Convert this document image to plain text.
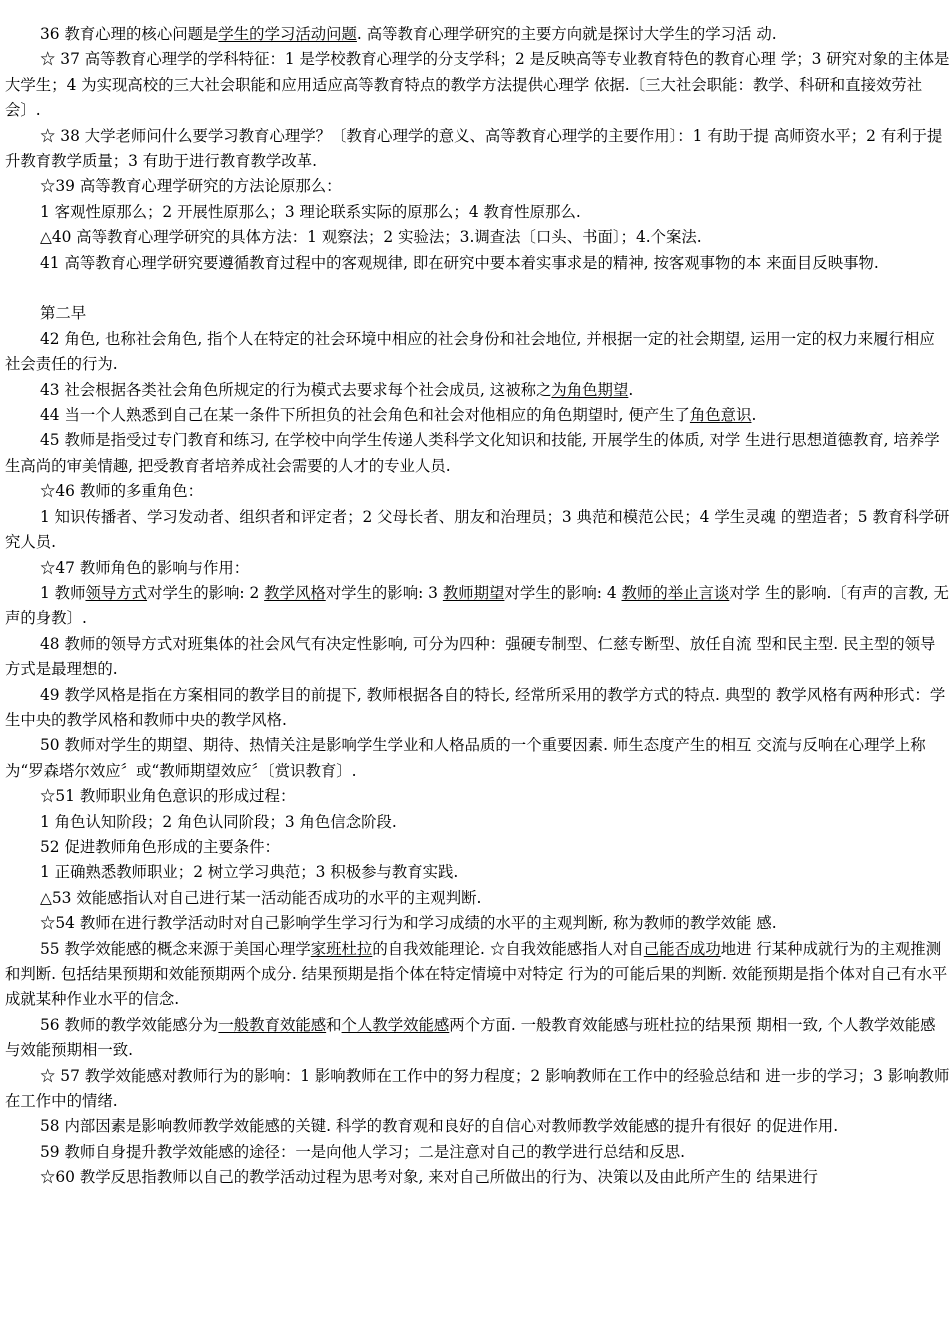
36 教育心理的核心问题是学生的学习活动问题. 高等教育心理学研究的主要方向就是探讨大学生的学习活 动.

☆ 37 高等教育心理学的学科特征：1 是学校教育心理学的分支学科；2 是反映高等专业教育特色的教育心理 学；3 研究对象的主体是大学生；4 为实现高校的三大社会职能和应用适应高等教育特点的教学方法提供心理学 依据.〔三大社会职能：教学、科研和直接效劳社会〕.

☆ 38 大学老师问什么要学习教育心理学？〔教育心理学的意义、高等教育心理学的主要作用〕：1 有助于提 高师资水平；2 有利于提升教育教学质量；3 有助于进行教育教学改革.

☆39 高等教育心理学研究的方法论原那么：

1 客观性原那么；2 开展性原那么；3 理论联系实际的原那么；4 教育性原那么.

△40 高等教育心理学研究的具体方法：1 观察法；2 实验法；3.调查法〔口头、书面〕；4.个案法.

41 高等教育心理学研究要遵循教育过程中的客观规律, 即在研究中要本着实事求是的精神, 按客观事物的本 来面目反映事物.

第二早

42 角色, 也称社会角色, 指个人在特定的社会环境中相应的社会身份和社会地位, 并根据一定的社会期望, 运用一定的权力来履行相应社会责任的行为.

43 社会根据各类社会角色所规定的行为模式去要求每个社会成员, 这被称之为角色期望.

44 当一个人熟悉到自己在某一条件下所担负的社会角色和社会对他相应的角色期望时, 便产生了角色意识.

45 教师是指受过专门教育和练习, 在学校中向学生传递人类科学文化知识和技能, 开展学生的体质, 对学 生进行思想道德教育, 培养学生高尚的审美情趣, 把受教育者培养成社会需要的人才的专业人员.

☆46 教师的多重角色：

1 知识传播者、学习发动者、组织者和评定者；2 父母长者、朋友和治理员；3 典范和模范公民；4 学生灵魂 的塑造者；5 教育科学研究人员.

☆47 教师角色的影响与作用：

1 教师领导方式对学生的影响: 2 教学风格对学生的影响: 3 教师期望对学生的影响: 4 教师的举止言谈对学 生的影响.〔有声的言教, 无声的身教〕.

48 教师的领导方式对班集体的社会风气有决定性影响, 可分为四种：强硬专制型、仁慈专断型、放任自流 型和民主型. 民主型的领导方式是最理想的.

49 教学风格是指在方案相同的教学目的前提下, 教师根据各自的特长, 经常所采用的教学方式的特点. 典型的 教学风格有两种形式：学生中央的教学风格和教师中央的教学风格.

50 教师对学生的期望、期待、热情关注是影响学生学业和人格品质的一个重要因素. 师生态度产生的相互 交流与反响在心理学上称为“罗森塔尔效应〞或“教师期望效应〞〔赏识教育〕.

☆51 教师职业角色意识的形成过程：

1 角色认知阶段；2 角色认同阶段；3 角色信念阶段.

52 促进教师角色形成的主要条件：

1 正确熟悉教师职业；2 树立学习典范；3 积极参与教育实践.

△53 效能感指认对自己进行某一活动能否成功的水平的主观判断.

☆54 教师在进行教学活动时对自己影响学生学习行为和学习成绩的水平的主观判断, 称为教师的教学效能 感.

55 教学效能感的概念来源于美国心理学家班杜拉的自我效能理论. ☆自我效能感指人对自己能否成功地进 行某种成就行为的主观推测和判断. 包括结果预期和效能预期两个成分. 结果预期是指个体在特定情境中对特定 行为的可能后果的判断. 效能预期是指个体对自己有水平成就某种作业水平的信念.

56 教师的教学效能感分为一般教育效能感和个人教学效能感两个方面. 一般教育效能感与班杜拉的结果预 期相一致, 个人教学效能感与效能预期相一致.

☆ 57 教学效能感对教师行为的影响：1 影响教师在工作中的努力程度；2 影响教师在工作中的经验总结和 进一步的学习；3 影响教师在工作中的情绪.

58 内部因素是影响教师教学效能感的关键. 科学的教育观和良好的自信心对教师教学效能感的提升有很好 的促进作用.

59 教师自身提升教学效能感的途径：一是向他人学习；二是注意对自己的教学进行总结和反思.

☆60 教学反思指教师以自己的教学活动过程为思考对象, 来对自己所做出的行为、决策以及由此所产生的 结果进行
